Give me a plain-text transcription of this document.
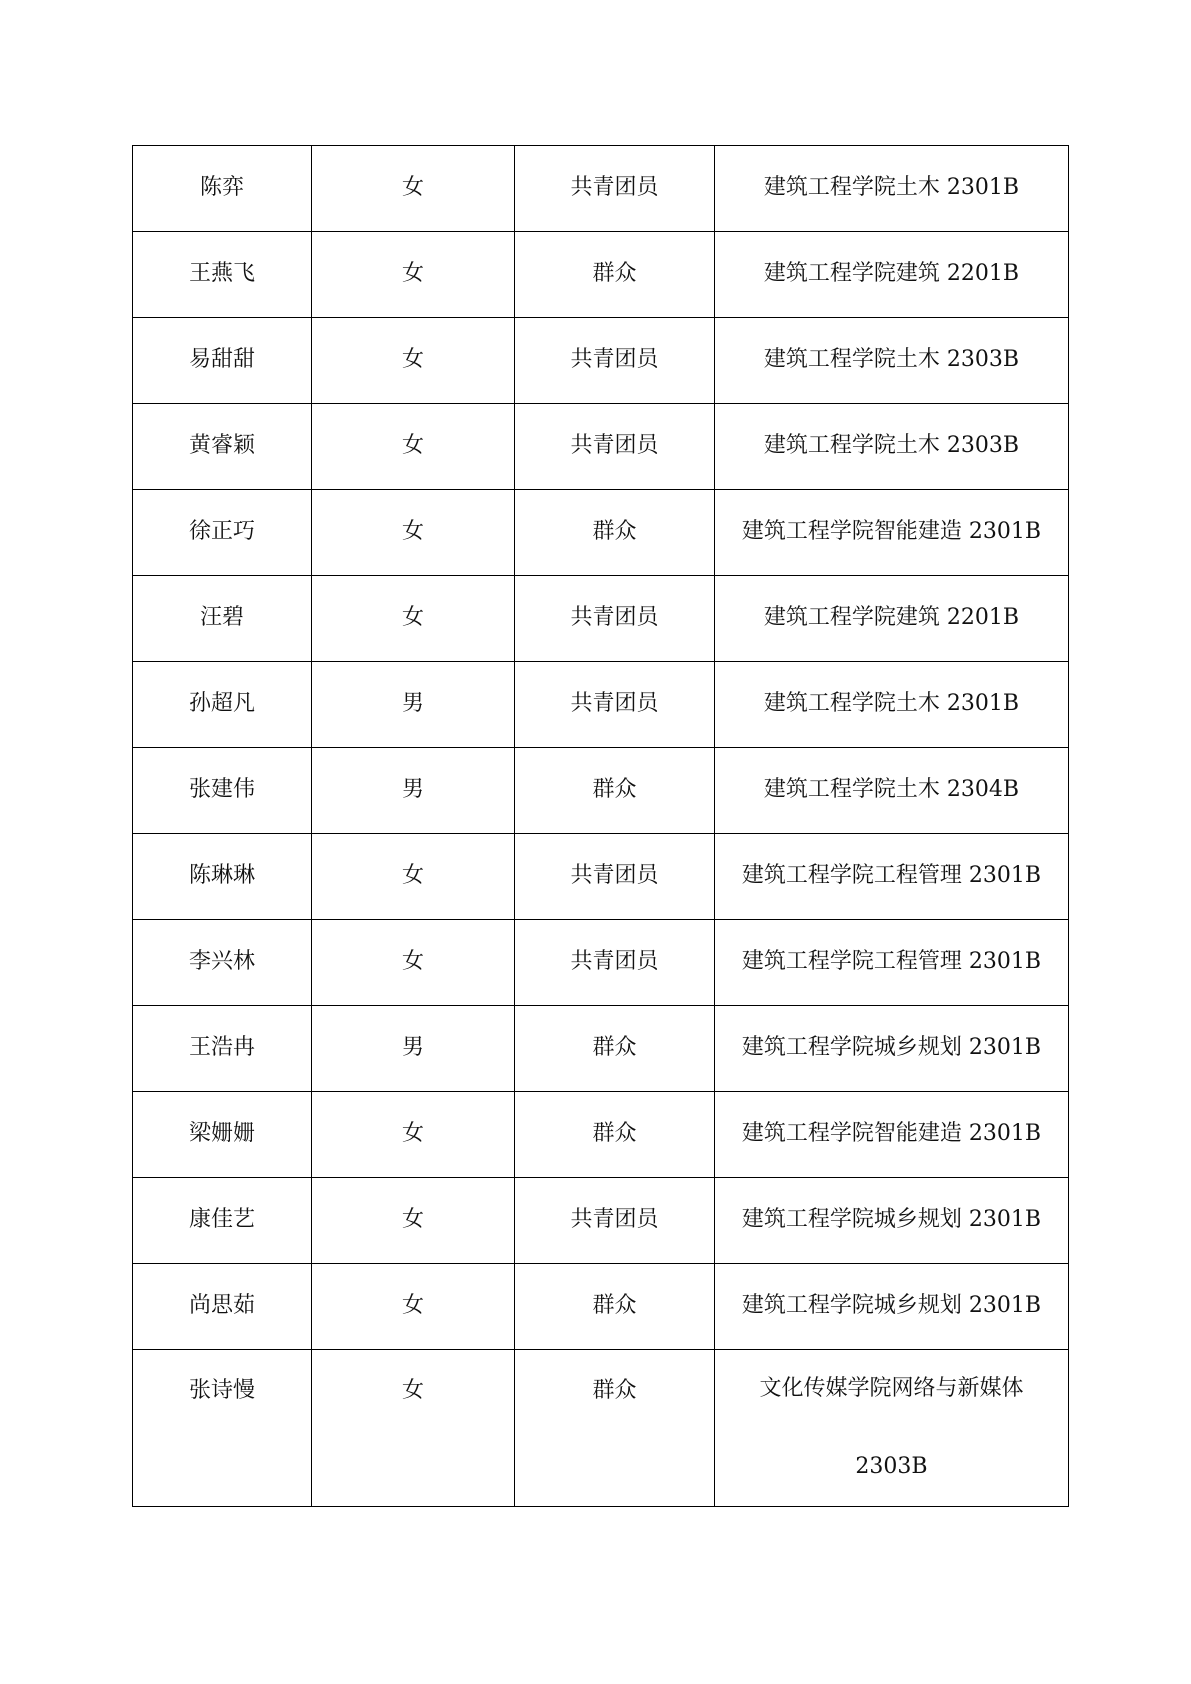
陈弈	女	共青团员	建筑工程学院土木 2301B
王燕飞	女	群众	建筑工程学院建筑 2201B
易甜甜	女	共青团员	建筑工程学院土木 2303B
黄睿颖	女	共青团员	建筑工程学院土木 2303B
徐正巧	女	群众	建筑工程学院智能建造 2301B
汪碧	女	共青团员	建筑工程学院建筑 2201B
孙超凡	男	共青团员	建筑工程学院土木 2301B
张建伟	男	群众	建筑工程学院土木 2304B
陈琳琳	女	共青团员	建筑工程学院工程管理 2301B
李兴林	女	共青团员	建筑工程学院工程管理 2301B
王浩冉	男	群众	建筑工程学院城乡规划 2301B
梁姗姗	女	群众	建筑工程学院智能建造 2301B
康佳艺	女	共青团员	建筑工程学院城乡规划 2301B
尚思茹	女	群众	建筑工程学院城乡规划 2301B

张诗慢	女	群众	文化传媒学院网络与新媒体 2303B
